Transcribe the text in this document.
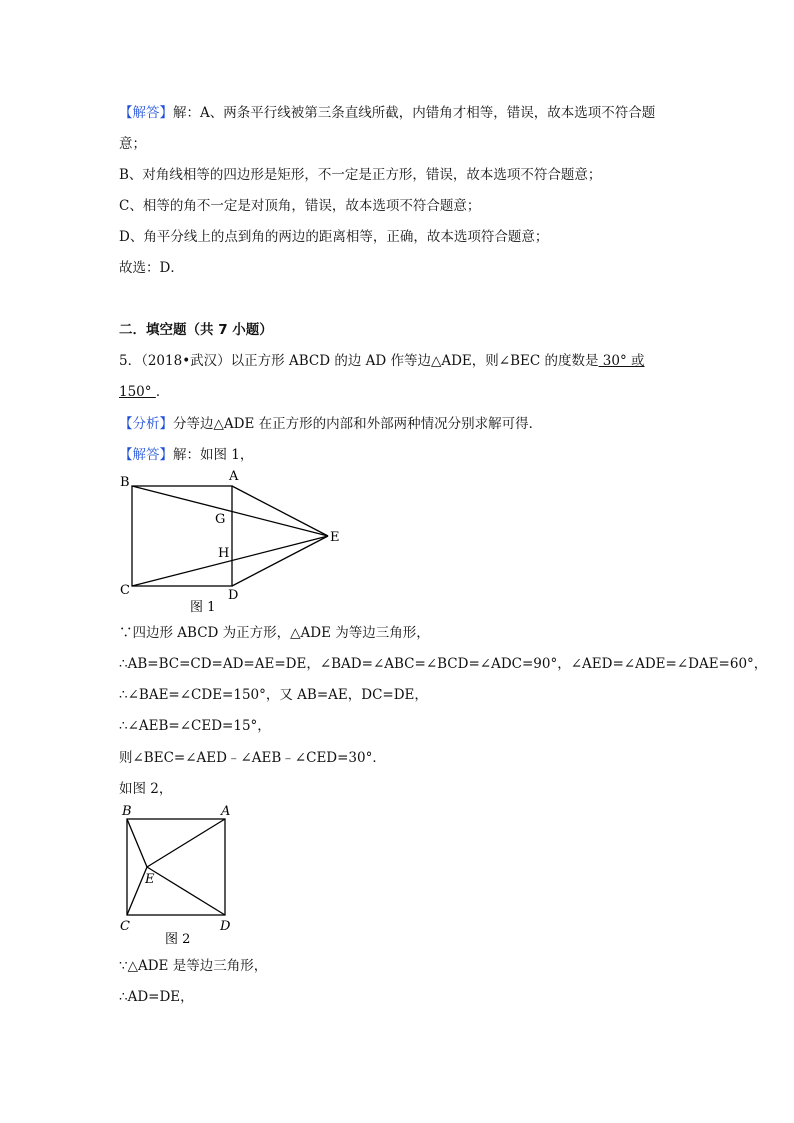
【解答】解：A、两条平行线被第三条直线所截，内错角才相等，错误，故本选项不符合题
意；
B、对角线相等的四边形是矩形，不一定是正方形，错误，故本选项不符合题意；
C、相等的角不一定是对顶角，错误，故本选项不符合题意；
D、角平分线上的点到角的两边的距离相等，正确，故本选项符合题意；
故选：D．
二．填空题（共 7 小题）
5．（2018•武汉）以正方形 ABCD 的边 AD 作等边△ADE，则∠BEC 的度数是 30° 或
150° ．
【分析】分等边△ADE 在正方形的内部和外部两种情况分别求解可得．
【解答】解：如图 1，
B	A
G
H
E
C	D
图 1
∵四边形 ABCD 为正方形，△ADE 为等边三角形，
∴AB=BC=CD=AD=AE=DE，∠BAD=∠ABC=∠BCD=∠ADC=90°，∠AED=∠ADE=∠DAE=60°，
∴∠BAE=∠CDE=150°，又 AB=AE，DC=DE，
∴∠AEB=∠CED=15°，
则∠BEC=∠AED﹣∠AEB﹣∠CED=30°．
如图 2，
B	A
E
C	D
图 2
∵△ADE 是等边三角形，
∴AD=DE，
